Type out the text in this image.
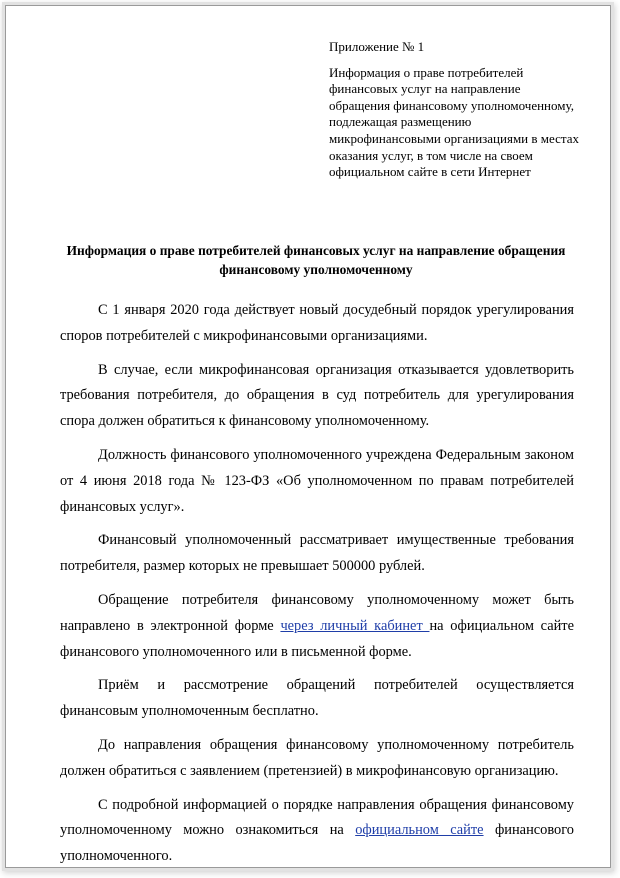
Приложение № 1

Информация о праве потребителей финансовых услуг на направление обращения финансовому уполномоченному, подлежащая размещению микрофинансовыми организациями в местах оказания услуг, в том числе на своем официальном сайте в сети Интернет

Информация о праве потребителей финансовых услуг на направление обращения финансовому уполномоченному

С 1 января 2020 года действует новый досудебный порядок урегулирования споров потребителей с микрофинансовыми организациями.

В случае, если микрофинансовая организация отказывается удовлетворить требования потребителя, до обращения в суд потребитель для урегулирования спора должен обратиться к финансовому уполномоченному.

Должность финансового уполномоченного учреждена Федеральным законом от 4 июня 2018 года № 123-ФЗ «Об уполномоченном по правам потребителей финансовых услуг».

Финансовый уполномоченный рассматривает имущественные требования потребителя, размер которых не превышает 500000 рублей.

Обращение потребителя финансовому уполномоченному может быть направлено в электронной форме через личный кабинет на официальном сайте финансового уполномоченного или в письменной форме.

Приём и рассмотрение обращений потребителей осуществляется финансовым уполномоченным бесплатно.

До направления обращения финансовому уполномоченному потребитель должен обратиться с заявлением (претензией) в микрофинансовую организацию.

С подробной информацией о порядке направления обращения финансовому уполномоченному можно ознакомиться на официальном сайте финансового уполномоченного.
